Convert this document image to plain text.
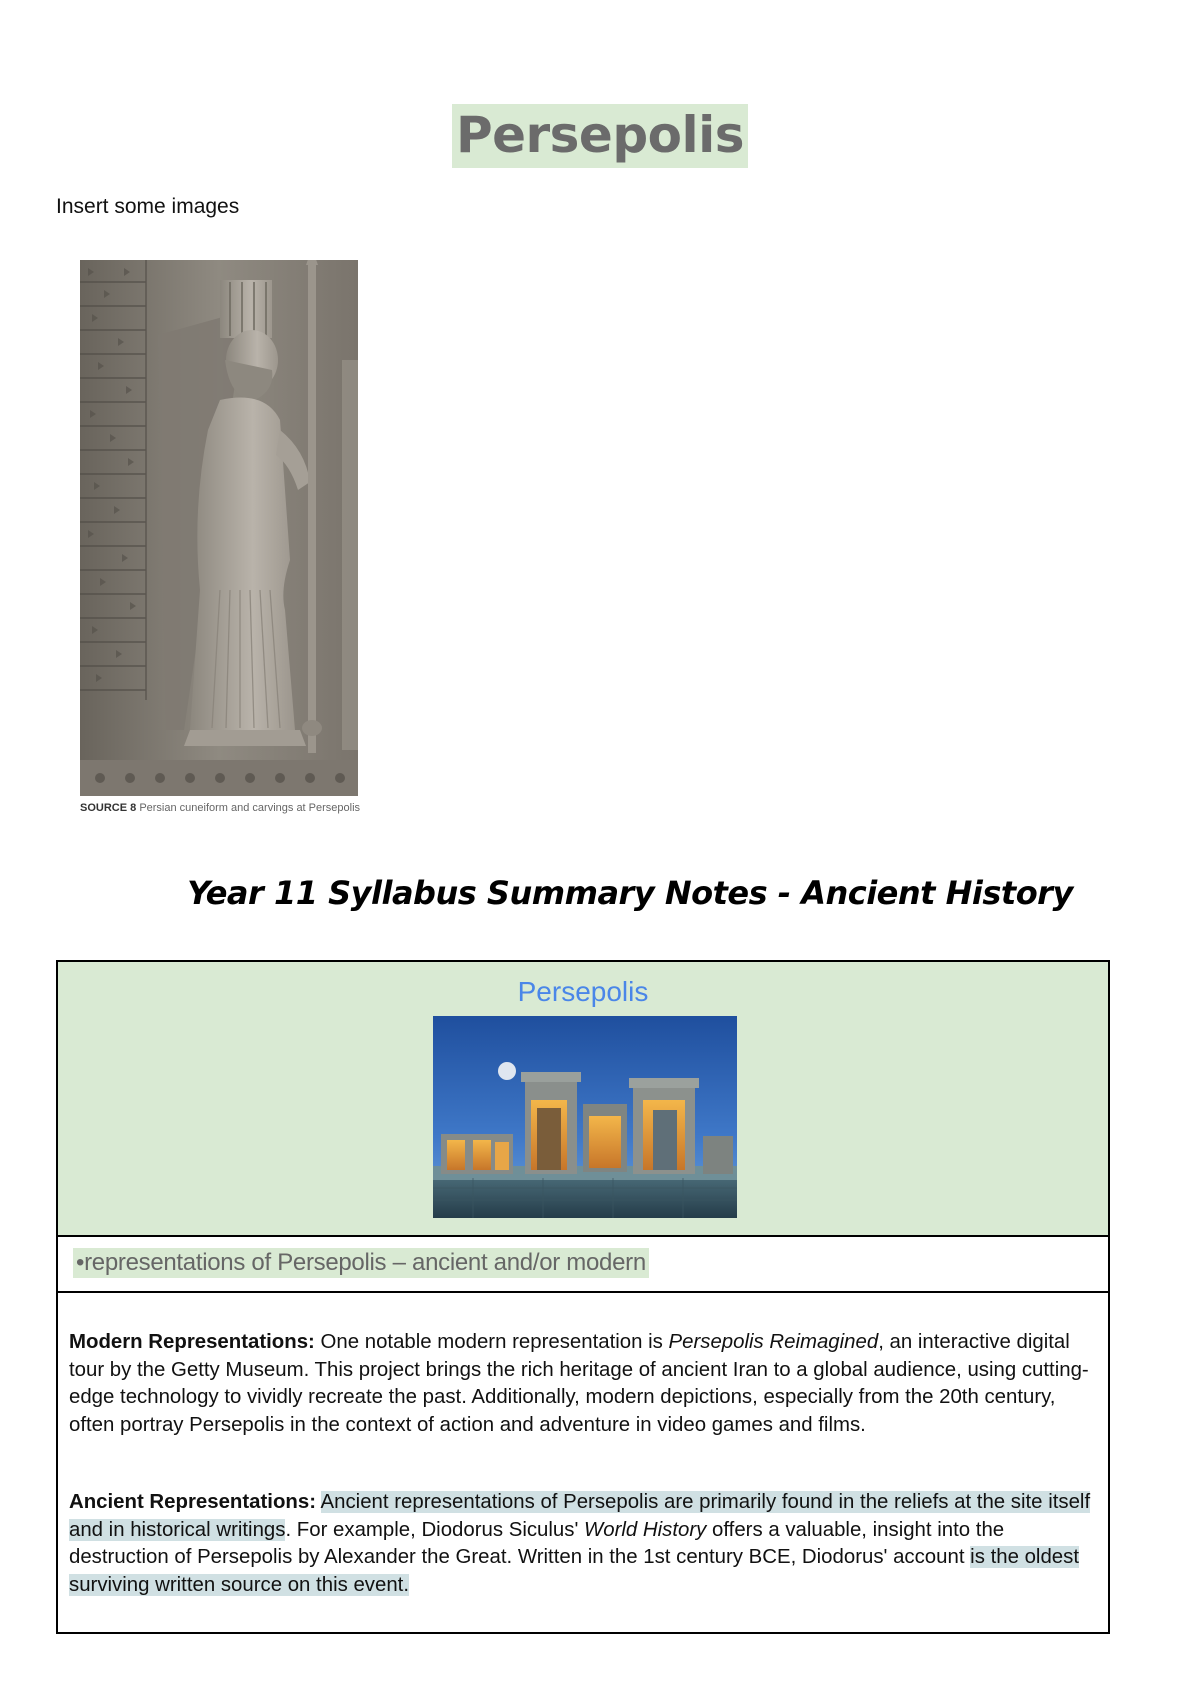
Persepolis
Insert some images
SOURCE 8 Persian cuneiform and carvings at Persepolis
Year 11 Syllabus Summary Notes - Ancient History
Persepolis
•representations of Persepolis – ancient and/or modern
Modern Representations: One notable modern representation is Persepolis Reimagined, an interactive digital tour by the Getty Museum. This project brings the rich heritage of ancient Iran to a global audience, using cutting-edge technology to vividly recreate the past. Additionally, modern depictions, especially from the 20th century, often portray Persepolis in the context of action and adventure in video games and films.
Ancient Representations: Ancient representations of Persepolis are primarily found in the reliefs at the site itself and in historical writings. For example, Diodorus Siculus' World History offers a valuable, insight into the destruction of Persepolis by Alexander the Great. Written in the 1st century BCE, Diodorus' account is the oldest surviving written source on this event.
